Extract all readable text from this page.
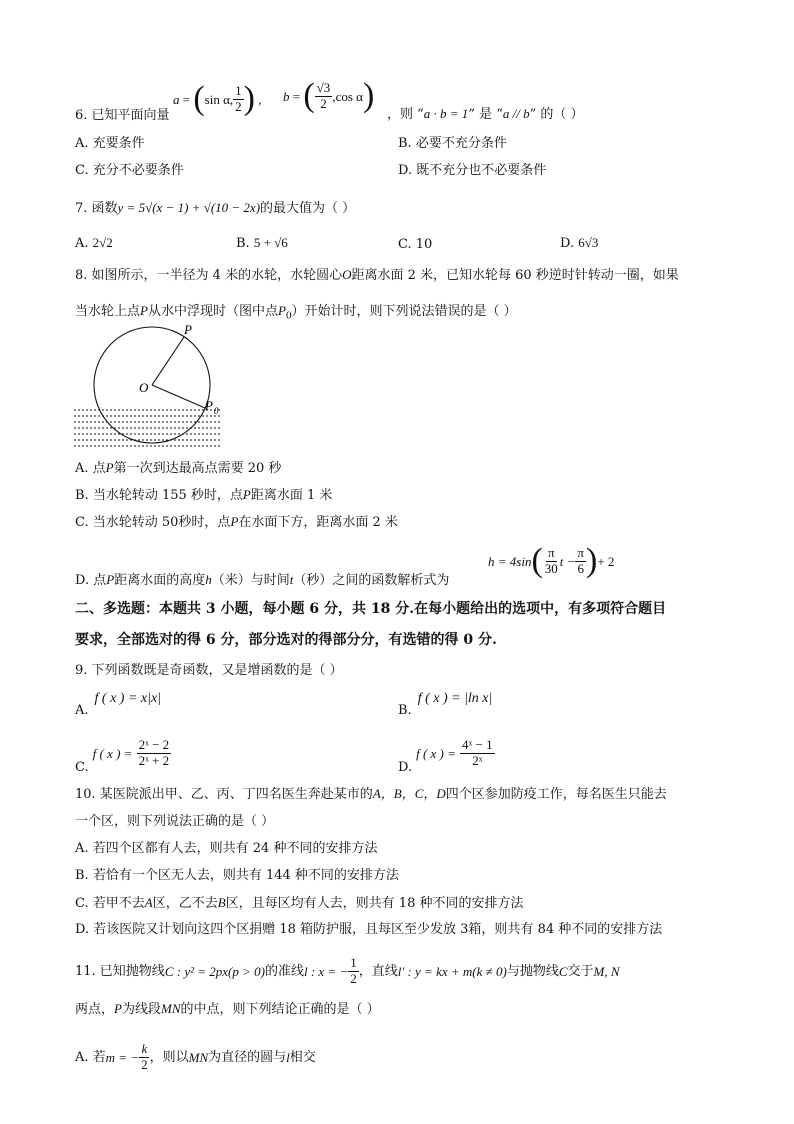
6. 已知平面向量
a = ( sin α, $\frac{1}{2}$ ) , b = ( $\frac{√3}{2} ,\cos$ α )
，则 “a · b = 1” 是 “a // b” 的（ ）
A. 充要条件	B. 必要不充分条件
C. 充分不必要条件	D. 既不充分也不必要条件
7. 函数y = 5√(x − 1) + √(10 − 2x)的最大值为（ ）
A. 2√2	B. 5 + √6	C. 10	D. 6√3
8. 如图所示，一半径为 4 米的水轮，水轮圆心O距离水面 2 米，已知水轮每 60 秒逆时针转动一圈，如果
当水轮上点P从水中浮现时（图中点$P_0$）开始计时，则下列说法错误的是（ ）
P
O
P 0
A. 点P第一次到达最高点需要 20 秒
B. 当水轮转动 155 秒时，点P距离水面 1 米
C. 当水轮转动 50秒时，点P在水面下方，距离水面 2 米
D. 点P距离水面的高度h（米）与时间t（秒）之间的函数解析式为
h = 4sin ( $\frac{\pi}{30}$ $t - \frac{\pi}{6}$ ) + 2
二、多选题：本题共 3 小题，每小题 6 分，共 18 分.在每小题给出的选项中，有多项符合题目
要求，全部选对的得 6 分，部分选对的得部分分，有选错的得 0 分.
9. 下列函数既是奇函数，又是增函数的是（ ）
A.f ( x ) = x|x|
B.f ( x ) = |ln x|
C.
f ( x ) =
$\frac{\text{2ˣ − 2}}{\text{2ˣ + 2}}$	D.
f ( x ) =
$\frac{\text{4ˣ − 1}}{\text{2ˣ}}$
10. 某医院派出甲、乙、丙、丁四名医生奔赴某市的A，B，C，D四个区参加防疫工作，每名医生只能去
一个区，则下列说法正确的是（ ）
A. 若四个区都有人去，则共有 24 种不同的安排方法
B. 若恰有一个区无人去，则共有 144 种不同的安排方法
C. 若甲不去A区，乙不去B区，且每区均有人去，则共有 18 种不同的安排方法
D. 若该医院又计划向这四个区捐赠 18 箱防护服，且每区至少发放 3箱，则共有 84 种不同的安排方法
11. 已知抛物线 C : y² = 2px(p > 0) 的准线 l : x = − $\frac{1}{2}$ ，直线 l′ : y = kx + m(k ≠ 0) 与抛物线 C 交于 M, N
两点，P为线段MN的中点，则下列结论正确的是（ ）
A. 若 m = − $\frac{k}{2}$ ，则以 MN 为直径的圆与 l 相交
